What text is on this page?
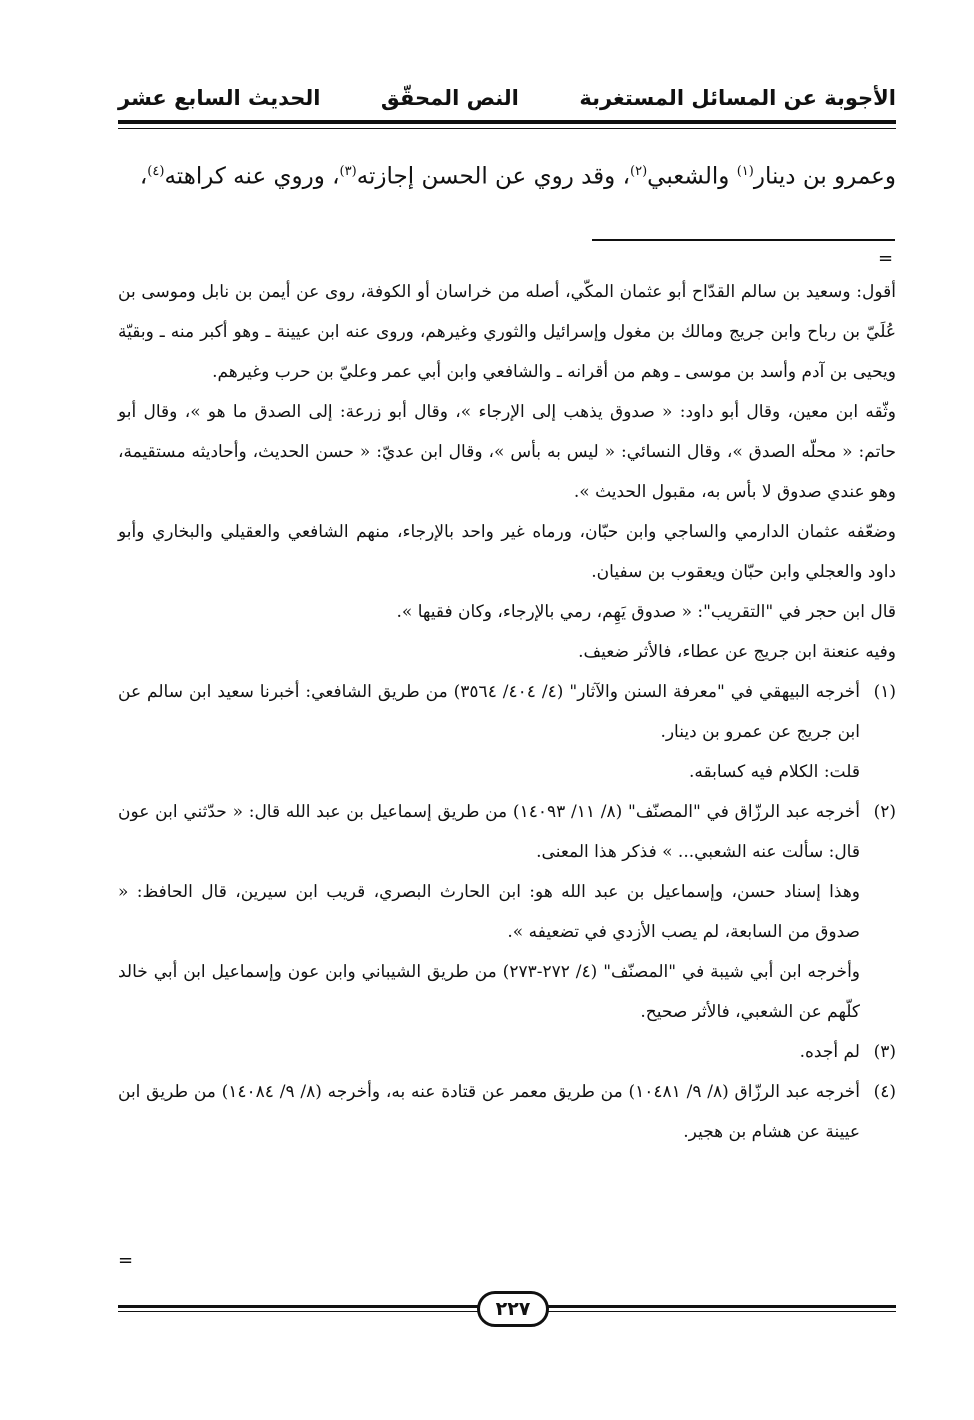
الأجوبة عن المسائل المستغربة
النص المحقّق
الحديث السابع عشر
وعمرو بن دينار$^{(١)}$ والشعبي$^{(٢)}$، وقد روي عن الحسن إجازته$^{(٣)}$، وروي عنه كراهته$^{(٤)}$،
=
أقول: وسعيد بن سالم القدّاح أبو عثمان المكّي، أصله من خراسان أو الكوفة، روى عن أيمن بن نابل وموسى بن عُلَيّ بن رباح وابن جريج ومالك بن مغول وإسرائيل والثوري وغيرهم، وروى عنه ابن عيينة ـ وهو أكبر منه ـ وبقيّة ويحيى بن آدم وأسد بن موسى ـ وهم من أقرانه ـ والشافعي وابن أبي عمر وعليّ بن حرب وغيرهم.
وثّقه ابن معين، وقال أبو داود: « صدوق يذهب إلى الإرجاء »، وقال أبو زرعة: إلى الصدق ما هو »، وقال أبو حاتم: « محلّه الصدق »، وقال النسائي: « ليس به بأس »، وقال ابن عديّ: « حسن الحديث، وأحاديثه مستقيمة، وهو عندي صدوق لا بأس به، مقبول الحديث ».
وضعّفه عثمان الدارمي والساجي وابن حبّان، ورماه غير واحد بالإرجاء، منهم الشافعي والعقيلي والبخاري وأبو داود والعجلي وابن حبّان ويعقوب بن سفيان.
قال ابن حجر في "التقريب": « صدوق يَهِم، رمي بالإرجاء، وكان فقيها ».
وفيه عنعنة ابن جريج عن عطاء، فالأثر ضعيف.
(١)
أخرجه البيهقي في "معرفة السنن والآثار" (٤/ ٤٠٤/ ٣٥٦٤) من طريق الشافعي: أخبرنا سعيد ابن سالم عن ابن جريج عن عمرو بن دينار.
قلت: الكلام فيه كسابقه.
(٢)
أخرجه عبد الرزّاق في "المصنّف" (٨/ ١١/ ١٤٠٩٣) من طريق إسماعيل بن عبد الله قال: « حدّثني ابن عون قال: سألت عنه الشعبي... » فذكر هذا المعنى.
وهذا إسناد حسن، وإسماعيل بن عبد الله هو: ابن الحارث البصري، قريب ابن سيرين، قال الحافظ: « صدوق من السابعة، لم يصب الأزدي في تضعيفه ».
وأخرجه ابن أبي شيبة في "المصنّف" (٤/ ٢٧٢-٢٧٣) من طريق الشيباني وابن عون وإسماعيل ابن أبي خالد كلّهم عن الشعبي، فالأثر صحيح.
(٣)
لم أجده.
(٤)
أخرجه عبد الرزّاق (٨/ ٩/ ١٠٤٨١) من طريق معمر عن قتادة عنه به، وأخرجه (٨/ ٩/ ١٤٠٨٤) من طريق ابن عيينة عن هشام بن هجير.
=
٢٢٧
